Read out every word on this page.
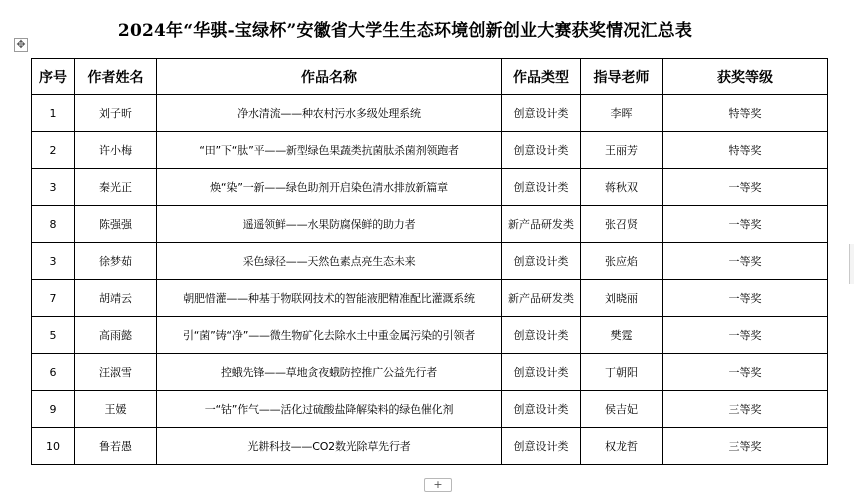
2024年“华骐-宝绿杯”安徽省大学生生态环境创新创业大赛获奖情况汇总表
✥
序号	作者姓名	作品名称	作品类型	指导老师	获奖等级
1	刘子昕	净水清流——种农村污水多级处理系统	创意设计类	李晖	特等奖
2	许小梅	“田”下“肽”平——新型绿色果蔬类抗菌肽杀菌剂领跑者	创意设计类	王丽芳	特等奖
3	秦光正	焕“染”一新——绿色助剂开启染色清水排放新篇章	创意设计类	蒋秋双	一等奖
8	陈强强	遥遥领鲜——水果防腐保鲜的助力者	新产品研发类	张召贤	一等奖
3	徐梦茹	采色绿径——天然色素点亮生态未来	创意设计类	张应焰	一等奖
7	胡靖云	朝肥惜灌——种基于物联网技术的智能液肥精准配比灌溉系统	新产品研发类	刘晓丽	一等奖
5	高雨懿	引“菌”铸“净”——微生物矿化去除水土中重金属污染的引领者	创意设计类	樊霆	一等奖
6	汪淑雪	控蛾先锋——草地贪夜蛾防控推广公益先行者	创意设计类	丁朝阳	一等奖
9	王媛	一“钴”作气——活化过硫酸盐降解染料的绿色催化剂	创意设计类	侯吉妃	三等奖
10	鲁若愚	光耕科技——CO2数光除草先行者	创意设计类	权龙哲	三等奖
+
